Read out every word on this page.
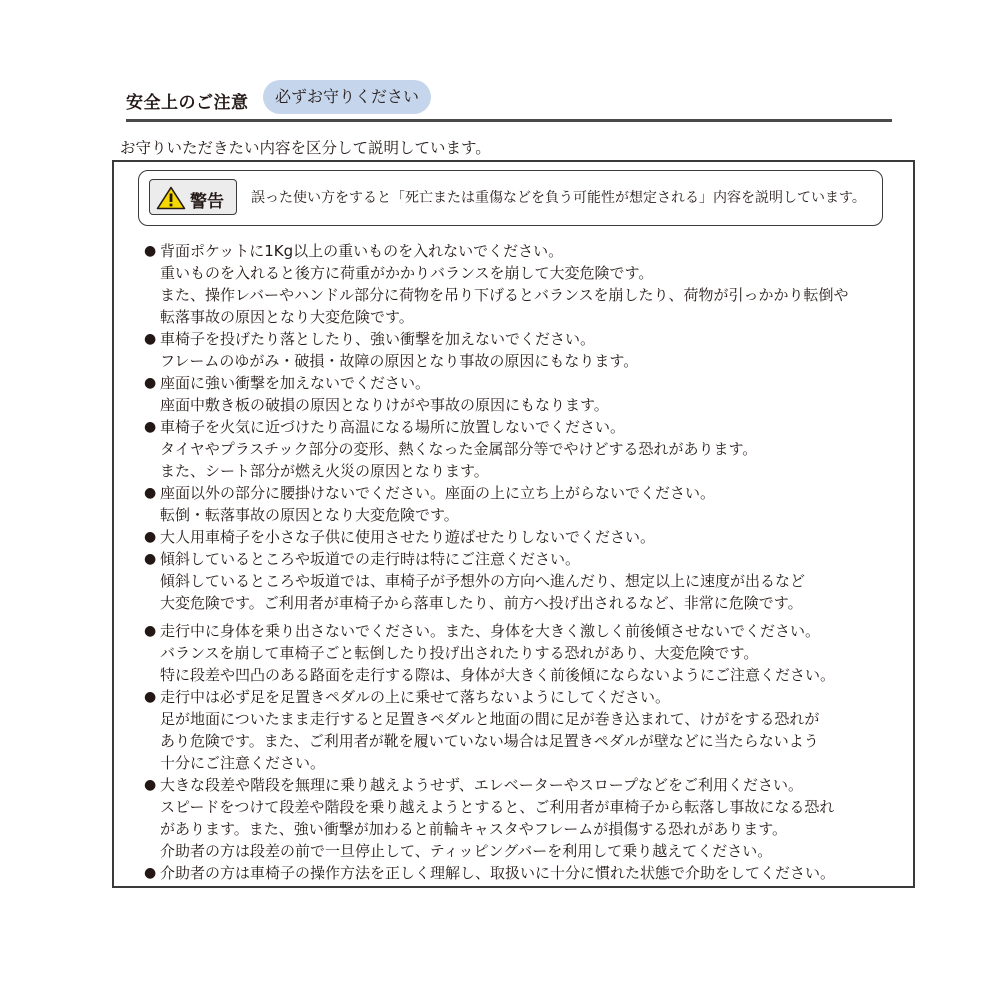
安全上のご注意	必ずお守りください
お守りいただきたい内容を区分して説明しています。
警告 誤った使い方をすると「死亡または重傷などを負う可能性が想定される」内容を説明しています。
● 背面ポケットに1Kg以上の重いものを入れないでください。
重いものを入れると後方に荷重がかかりバランスを崩して大変危険です。
また、操作レバーやハンドル部分に荷物を吊り下げるとバランスを崩したり、荷物が引っかかり転倒や
転落事故の原因となり大変危険です。
● 車椅子を投げたり落としたり、強い衝撃を加えないでください。
フレームのゆがみ・破損・故障の原因となり事故の原因にもなります。
● 座面に強い衝撃を加えないでください。
座面中敷き板の破損の原因となりけがや事故の原因にもなります。
● 車椅子を火気に近づけたり高温になる場所に放置しないでください。
タイヤやプラスチック部分の変形、熱くなった金属部分等でやけどする恐れがあります。
また、シート部分が燃え火災の原因となります。
● 座面以外の部分に腰掛けないでください。座面の上に立ち上がらないでください。
転倒・転落事故の原因となり大変危険です。
● 大人用車椅子を小さな子供に使用させたり遊ばせたりしないでください。
● 傾斜しているところや坂道での走行時は特にご注意ください。
傾斜しているところや坂道では、車椅子が予想外の方向へ進んだり、想定以上に速度が出るなど
大変危険です。ご利用者が車椅子から落車したり、前方へ投げ出されるなど、非常に危険です。
● 走行中に身体を乗り出さないでください。また、身体を大きく激しく前後傾させないでください。
バランスを崩して車椅子ごと転倒したり投げ出されたりする恐れがあり、大変危険です。
特に段差や凹凸のある路面を走行する際は、身体が大きく前後傾にならないようにご注意ください。
● 走行中は必ず足を足置きペダルの上に乗せて落ちないようにしてください。
足が地面についたまま走行すると足置きペダルと地面の間に足が巻き込まれて、けがをする恐れが
あり危険です。また、ご利用者が靴を履いていない場合は足置きペダルが壁などに当たらないよう
十分にご注意ください。
● 大きな段差や階段を無理に乗り越えようせず、エレベーターやスロープなどをご利用ください。
スピードをつけて段差や階段を乗り越えようとすると、ご利用者が車椅子から転落し事故になる恐れ
があります。また、強い衝撃が加わると前輪キャスタやフレームが損傷する恐れがあります。
介助者の方は段差の前で一旦停止して、ティッピングバーを利用して乗り越えてください。
● 介助者の方は車椅子の操作方法を正しく理解し、取扱いに十分に慣れた状態で介助をしてください。
